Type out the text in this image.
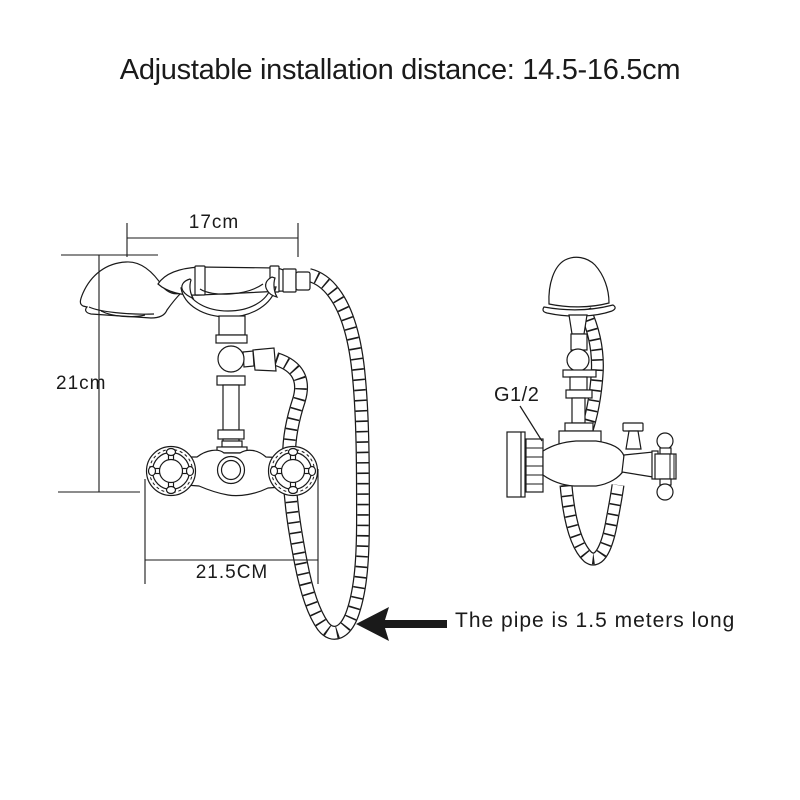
Adjustable installation distance: 14.5-16.5cm
17cm
21cm
21.5CM
G1/2
The pipe is 1.5 meters long
